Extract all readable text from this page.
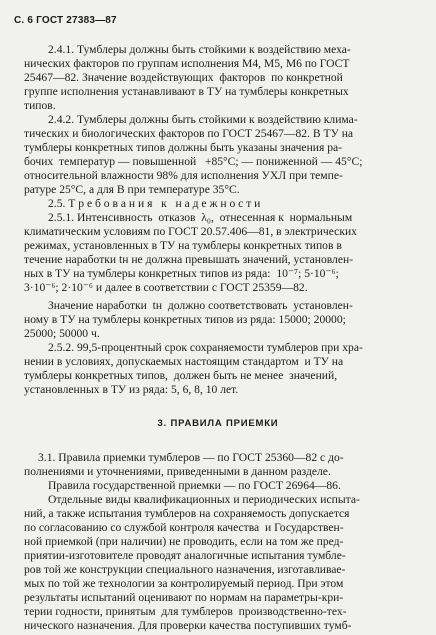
С. 6 ГОСТ 27383—87
3. ПРАВИЛА ПРИЕМКИ
2.4.1. Тумблеры должны быть стойкими к воздействию меха-
нических факторов по группам исполнения М4, М5, М6 по ГОСТ
25467—82. Значение воздействующих  факторов  по конкретной
группе исполнения устанавливают в ТУ на тумблеры конкретных
типов.
2.4.2. Тумблеры должны быть стойкими к воздействию клима-
тических и биологических факторов по ГОСТ 25467—82. В ТУ на
тумблеры конкретных типов должны быть указаны значения ра-
бочих  температур — повышенной   +85°С; — пониженной — 45°С;
относительной влажности 98% для исполнения УХЛ при темпе-
ратуре 25°С, а для В при температуре 35°С.
2.5. Т р е б о в а н и я   к   н а д е ж н о с т и
2.5.1. Интенсивность  отказов  λ₀,  отнесенная к  нормальным
климатическим условиям по ГОСТ 20.57.406—81, в электрических
режимах, установленных в ТУ на тумблеры конкретных типов в
течение наработки tн не должна превышать значений, установлен-
ных в ТУ на тумблеры конкретных типов из ряда:  10⁻⁷; 5·10⁻⁶;
3·10⁻⁶; 2·10⁻⁶ и далее в соответствии с ГОСТ 25359—82.
Значение наработки  tн  должно соответствовать  установлен-
ному в ТУ на тумблеры конкретных типов из ряда: 15000; 20000;
25000; 50000 ч.
2.5.2. 99,5-процентный срок сохраняемости тумблеров при хра-
нении в условиях, допускаемых настоящим стандартом  и ТУ на
тумблеры конкретных типов,  должен быть не менее  значений,
установленных в ТУ из ряда: 5, 6, 8, 10 лет.
3.1. Правила приемки тумблеров — по ГОСТ 25360—82 с до-
полнениями и уточнениями, приведенными в данном разделе.
Правила государственной приемки — по ГОСТ 26964—86.
Отдельные виды квалификационных и периодических испыта-
ний, а также испытания тумблеров на сохраняемость допускается
по согласованию со службой контроля качества  и Государствен-
ной приемкой (при наличии) не проводить, если на том же пред-
приятии-изготовителе проводят аналогичные испытания тумбле-
ров той же конструкции специального назначения, изготавливае-
мых по той же технологии за контролируемый период. При этом
результаты испытаний оценивают по нормам на параметры-кри-
терии годности, принятым  для тумблеров  производственно-тех-
нического назначения. Для проверки качества поступивших тумб-
